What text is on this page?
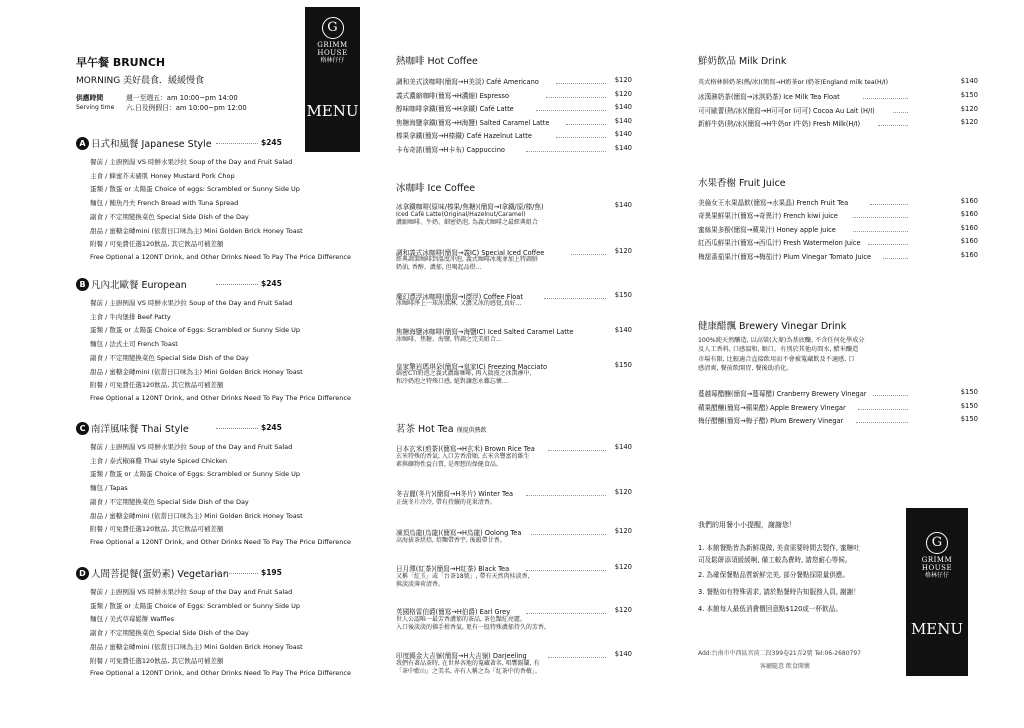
G
GRIMM
HOUSE
格林仔仔
MENU
早午餐 BRUNCH
MORNING 美好晨食．緩緩慢食
供應時間
Serving time
週一至週五：am 10:00~pm 14:00
六.日及例假日：am 10:00~pm 12:00
A 日式和風餐 Japanese Style	$245
餐前 / 主廚例湯 VS 時鮮水果沙拉 Soup of the Day and Fruit Salad
主食 / 蜂蜜芥末豬肌 Honey Mustard Pork Chop
蛋類 / 散蛋 or 太陽蛋 Choice of eggs: Scrambled or Sunny Side Up
麵包 / 鮪魚丹夫 French Bread with Tuna Spread
副食 / 不定期變換菜色 Special Side Dish of the Day
甜品 / 蜜糖金磚mini (依當日口味為主) Mini Golden Brick Honey Toast
附餐 / 可免費任選120飲品, 其它飲品可補差額
Free Optional a 120NT Drink, and Other Drinks Need To Pay The Price Difference
B 凡內北歐餐 European	$245
餐前 / 主廚例湯 VS 時鮮水果沙拉 Soup of the Day and Fruit Salad
主食 / 牛肉堡排 Beef Patty
蛋類 / 散蛋 or 太陽蛋 Choice of Eggs: Scrambled or Sunny Side Up
麵包 / 法式土司 French Toast
副食 / 不定期變換菜色 Special Side Dish of the Day
甜品 / 蜜糖金磚mini (依當日口味為主) Mini Golden Brick Honey Toast
附餐 / 可免費任選120飲品, 其它飲品可補差額
Free Optional a 120NT Drink, and Other Drinks Need To Pay The Price Difference
C 南洋風味餐 Thai Style	$245
餐前 / 主廚例湯 VS 時鮮水果沙拉 Soup of the Day and Fruit Salad
主食 / 泰式椒麻雞 Thai style Spiced Chicken
蛋類 / 散蛋 or 太陽蛋 Choice of Eggs: Scrambled or Sunny Side Up
麵包 / Tapas
副食 / 不定期變換菜色 Special Side Dish of the Day
甜品 / 蜜糖金磚mini (依當日口味為主) Mini Golden Brick Honey Toast
附餐 / 可免費任選120飲品, 其它飲品可補差額
Free Optional a 120NT Drink, and Other Drinks Need To Pay The Price Difference
D 人間菩提餐(蛋奶素) Vegetarian	$195
餐前 / 主廚例湯 VS 時鮮水果沙拉 Soup of the Day and Fruit Salad
蛋類 / 散蛋 or 太陽蛋 Choice of Eggs: Scrambled or Sunny Side Up
麵包 / 美式草莓鬆餅 Waffles
副食 / 不定期變換菜色 Special Side Dish of the Day
甜品 / 蜜糖金磚mini (依當日口味為主) Mini Golden Brick Honey Toast
附餐 / 可免費任選120飲品, 其它飲品可補差額
Free Optional a 120NT Drink, and Other Drinks Need To Pay The Price Difference
熱咖啡 Hot Coffee
調和美式淡咖啡(簡寫→H美淡) Café Americano	$120
義式濃縮咖啡(簡寫→H濃縮) Espresso	$120
醇味咖啡拿鐵(簡寫→H拿鐵) Café Latte	$140
焦糖海鹽拿鐵(簡寫→H海鹽) Salted Caramel Latte	$140
榛果拿鐵(簡寫→H榛鐵) Café Hazelnut Latte	$140
卡布奇諾(簡寫→H卡布) Cappuccino	$140
冰咖啡 Ice Coffee
冰拿鐵咖啡(原味/榛果/焦糖)(簡寫→I拿鐵/原/榛/焦)	$140
Iced Café Latte(Original/Hazelnut/Caramel)
濃縮咖啡、牛奶、細密奶泡, 為義式咖啡之最經典組合
調和義式冰咖啡(簡寫→義IC) Special Iced Coffee	$120
經典調製咖啡到溫度冲泡, 義式咖啡冰塊並加上特調鮮
奶油, 香醇、濃郁, 但喝起品燈…
魔幻漂浮冰咖啡(簡寫→I漂浮) Coffee Float	$150
冰咖啡淨上一球冰淇淋, 又濃又冰的感覺,真好…
焦糖海鹽冰咖啡(簡寫→海鹽IC) Iced Salted Caramel Latte	$140
冰咖啡、焦糖、海鹽, 特調之完美組合…
皇家擎岩瑪琪朵(簡寫→皇家IC) Freezing Macciato	$150
綿密CTI奶泡之義式濃縮咖啡, 再入散漫之冰淇淋中,
和冷奶泡之特殊口感, 絕對讓您永難忘懷…
茗茶 Hot Tea 僅提供熱飲
日本玄米(煎茶)(簡寫→H玄米) Brown Rice Tea	$140
玄米特殊的香氣, 入口芳香滑順, 玄米含豐富的維生
素與礦物性益白質, 是理想的保健食品。
冬吉麗(冬片)(簡寫→H冬片) Winter Tea	$120
正統冬片冷冷, 帶有持續的花果清香。
凍頂烏龍(烏龍)(簡寫→H烏龍) Oolong Tea	$120
高海拔茶烘焙, 焙麵帶香宇, 後韻帶甘香。
日月潭(紅茶)(簡寫→H紅茶) Black Tea	$120
又稱「紅玉」或「台茶18號」, 帶有天然肉桂淡香,
與淡淡薄荷清香。
英國格雷伯爵(簡寫→H伯爵) Earl Grey	$120
世人公認唯一最芳香濃郁的茶品, 茶色豔紅亮麗。
入口後淡淡的佛手柑香氣, 更有一股特殊濃郁持久的芳香。
印度錫金大吉嶺(簡寫→H大吉嶺) Darjeeling	$140
我們有著品茶時, 在世界各地的蒐藏著名, 唱響錫蘭, 有
「茶中藍山」之美名, 亦有人稱之為「紅茶中的香檳」。
鮮奶飲品 Milk Drink
英式格林鮮奶茶(熱/冰)(簡寫→H奶茶or I奶茶)England milk tea(H/I)	$140
冰漢淋奶茶(簡寫→冰淇奶茶) Ice Milk Tea Float	$150
可可歐蕾(熱/冰)(簡寫→H可可or I可可) Cocoa Au Lait (H/I)	$120
新鮮牛奶(熱/冰)(簡寫→H牛奶or I牛奶) Fresh Milk(H/I)	$120
水果香榭 Fruit Juice
美倫女王水果晶飲(簡寫→水果晶) French Fruit Tea	$160
奇異果鮮果汁(簡寫→奇異汁) French kiwi juice	$160
蜜絲果多酚(簡寫→蘋果汁) Honey apple juice	$160
紅西瓜鮮果汁(簡寫→西瓜汁) Fresh Watermelon Juice	$160
梅甜番茄果汁(簡寫→梅茄汁) Plum Vinegar Tomato Juice	$160
健康醋飄 Brewery Vinegar Drink
100%純天然釀造, 以高粱(大麥)為基底釀, 不含任何化學成分
及人工香料, 口感溫和, 順口。有別於其他坊間水, 醋米釀造
市場有限, 比較適合直接飲用而不會被蒐藏飲及不適感, 口
感清爽, 餐前飲開胃, 餐後助消化。
蔓越莓醋釀(簡寫→蔓莓醋) Cranberry Brewery Vinegar	$150
蘋果醋釀(簡寫→蘋果醋) Apple Brewery Vinegar	$150
梅仔醋釀(簡寫→梅子醋) Plum Brewery Vinegar	$150
我們的用餐小小提醒，謝謝您！
1. 本館餐點皆為新鮮現做, 美食需要時間去製作, 蜜糖吐
司及鬆餅添須緩緩啊, 備工較為費時, 請您耐心等候。
2. 為確保餐點品質新鮮完美, 部分餐點採限量供應。
3. 餐點如有特殊需求, 請於點餐時告知服務人員, 謝謝！
4. 本館每人最低消費價回意點$120或一杯飲品。
Add:台南市中西區宮前二段399卷21弄2號 Tel:06-2680797
客廳隨意 飲食開懷
G
GRIMM
HOUSE
格林仔仔
MENU
